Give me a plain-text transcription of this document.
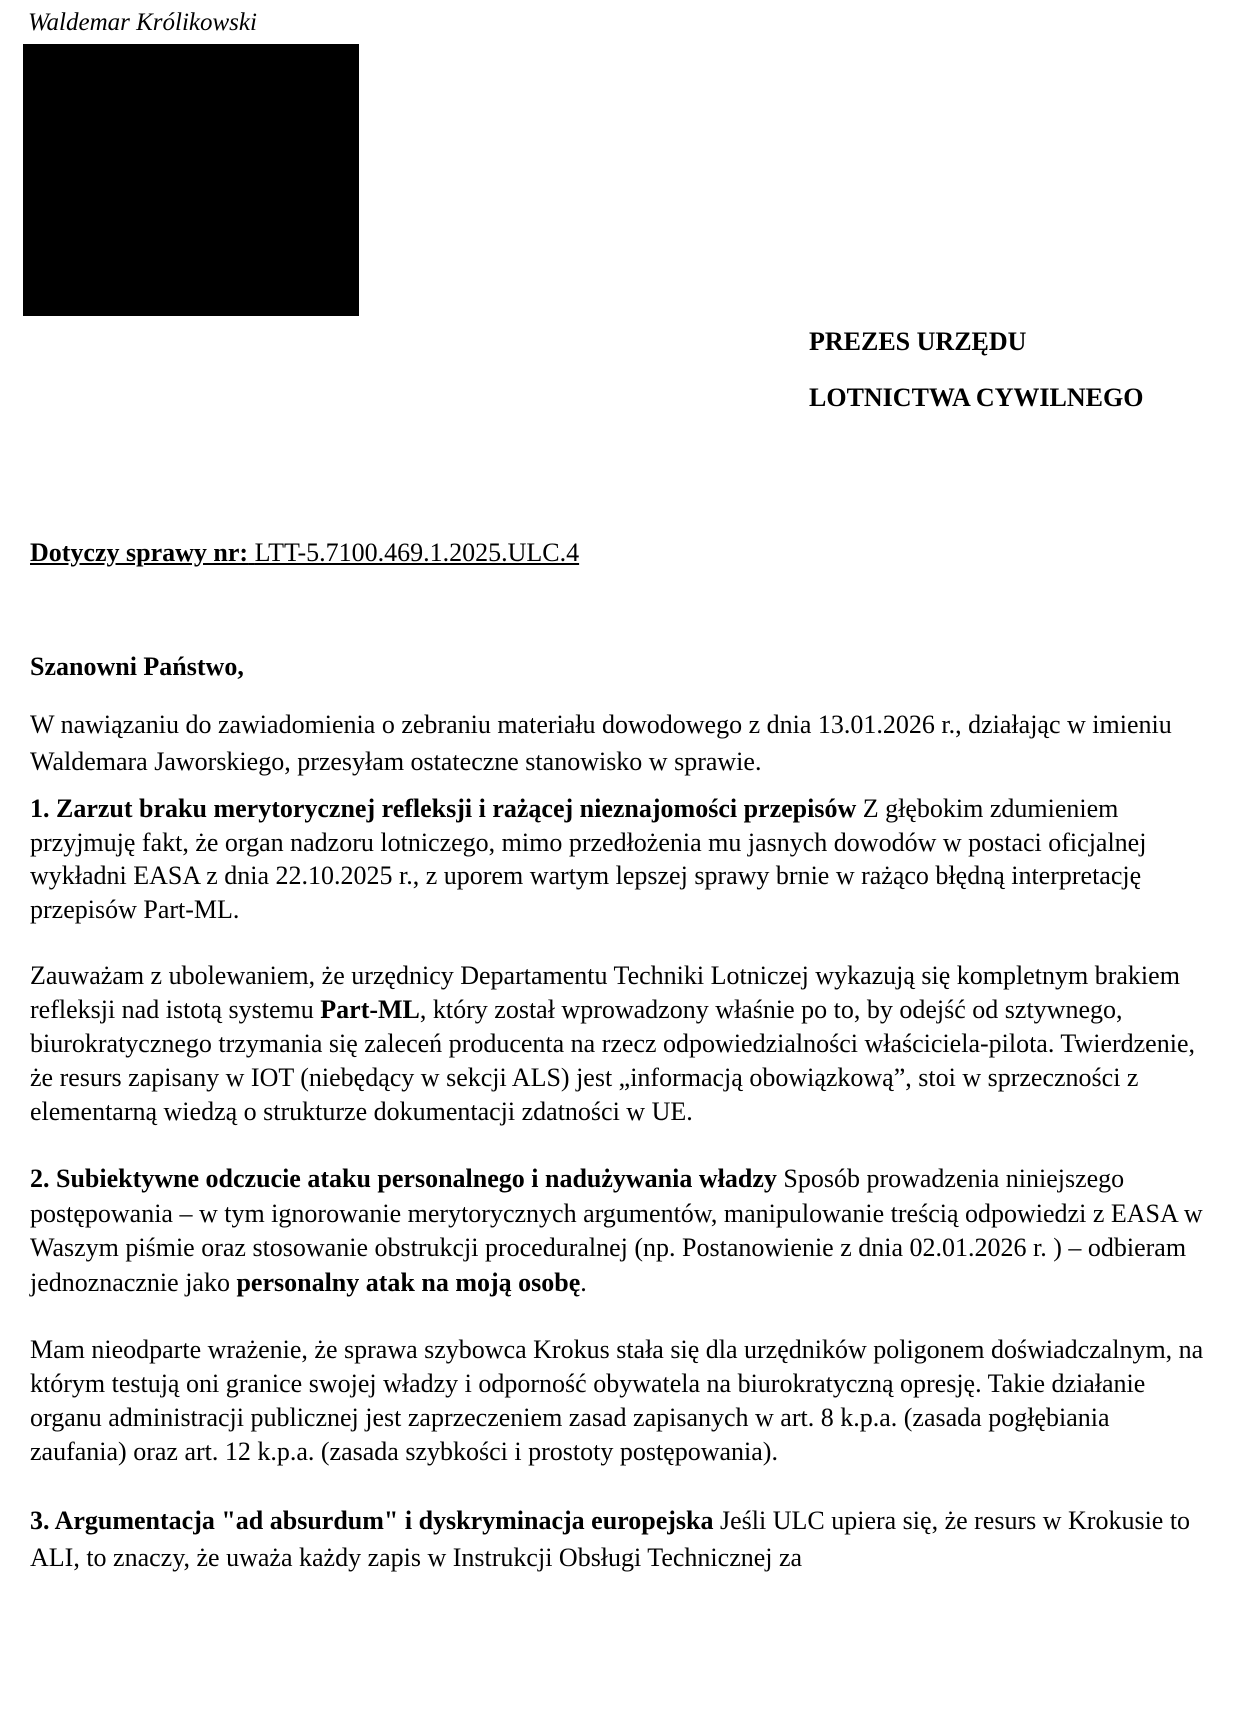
Waldemar Królikowski
PREZES URZĘDU
LOTNICTWA CYWILNEGO
Dotyczy sprawy nr: LTT-5.7100.469.1.2025.ULC.4
Szanowni Państwo,

W nawiązaniu do zawiadomienia o zebraniu materiału dowodowego z dnia 13.01.2026 r., działając w imieniu Waldemara Jaworskiego, przesyłam ostateczne stanowisko w sprawie.

1. Zarzut braku merytorycznej refleksji i rażącej nieznajomości przepisów Z głębokim zdumieniem przyjmuję fakt, że organ nadzoru lotniczego, mimo przedłożenia mu jasnych dowodów w postaci oficjalnej wykładni EASA z dnia 22.10.2025 r., z uporem wartym lepszej sprawy brnie w rażąco błędną interpretację przepisów Part-ML.

Zauważam z ubolewaniem, że urzędnicy Departamentu Techniki Lotniczej wykazują się kompletnym brakiem refleksji nad istotą systemu Part-ML, który został wprowadzony właśnie po to, by odejść od sztywnego, biurokratycznego trzymania się zaleceń producenta na rzecz odpowiedzialności właściciela-pilota. Twierdzenie, że resurs zapisany w IOT (niebędący w sekcji ALS) jest „informacją obowiązkową”, stoi w sprzeczności z elementarną wiedzą o strukturze dokumentacji zdatności w UE.

2. Subiektywne odczucie ataku personalnego i nadużywania władzy Sposób prowadzenia niniejszego postępowania – w tym ignorowanie merytorycznych argumentów, manipulowanie treścią odpowiedzi z EASA w Waszym piśmie oraz stosowanie obstrukcji proceduralnej (np. Postanowienie z dnia 02.01.2026 r. ) – odbieram jednoznacznie jako personalny atak na moją osobę.

Mam nieodparte wrażenie, że sprawa szybowca Krokus stała się dla urzędników poligonem doświadczalnym, na którym testują oni granice swojej władzy i odporność obywatela na biurokratyczną opresję. Takie działanie organu administracji publicznej jest zaprzeczeniem zasad zapisanych w art. 8 k.p.a. (zasada pogłębiania zaufania) oraz art. 12 k.p.a. (zasada szybkości i prostoty postępowania).

3. Argumentacja "ad absurdum" i dyskryminacja europejska Jeśli ULC upiera się, że resurs w Krokusie to ALI, to znaczy, że uważa każdy zapis w Instrukcji Obsługi Technicznej za
